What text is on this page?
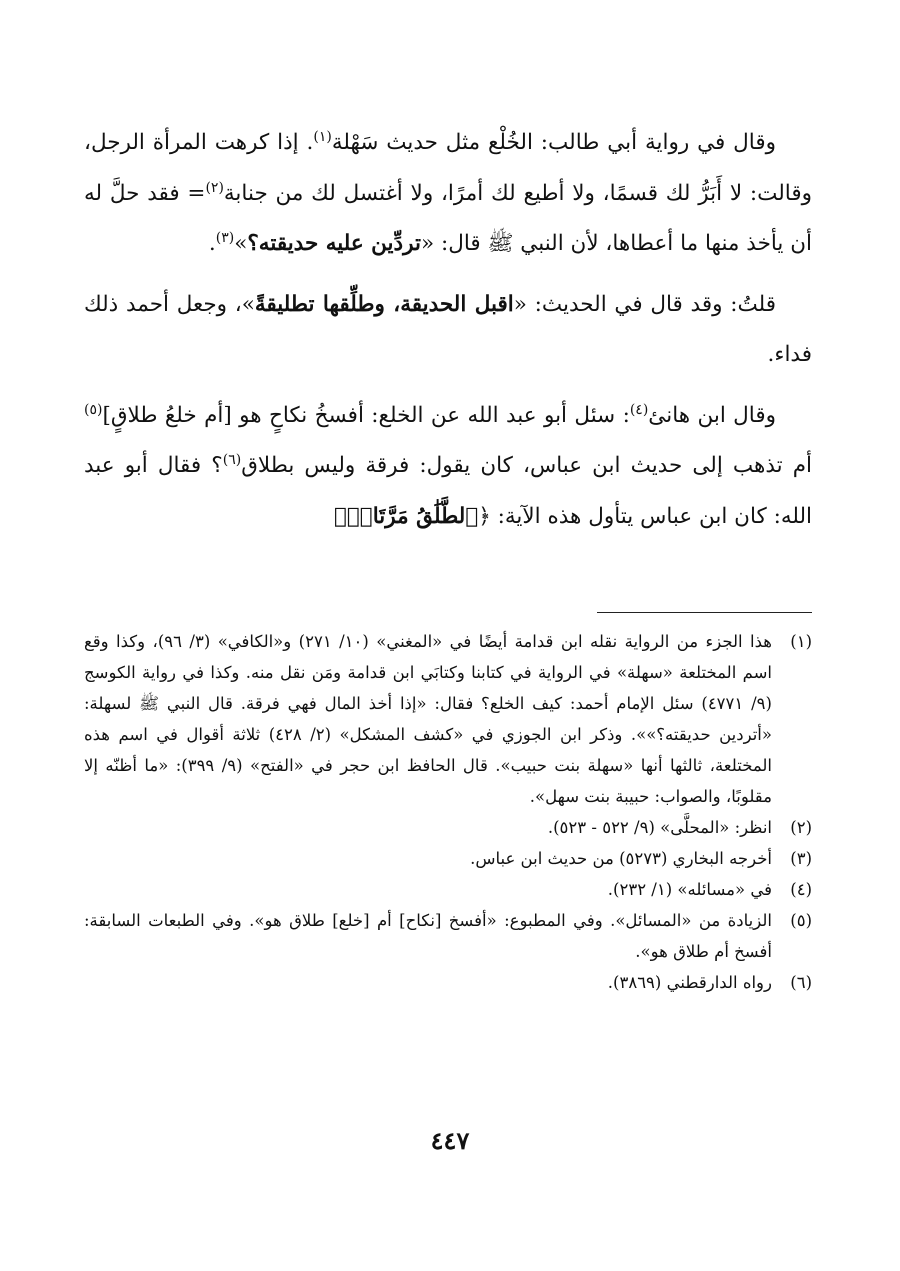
وقال في رواية أبي طالب: الخُلْع مثل حديث سَهْلة$^{(١)}$. إذا كرهت المرأة الرجل، وقالت: لا أَبَرُّ لك قسمًا، ولا أطيع لك أمرًا، ولا أغتسل لك من جنابة$^{(٢)}$= فقد حلَّ له أن يأخذ منها ما أعطاها، لأن النبي ﷺ قال: «تردِّين عليه حديقته؟»$^{(٣)}$.

قلتُ: وقد قال في الحديث: «اقبل الحديقة، وطلِّقها تطليقةً»، وجعل أحمد ذلك فداء.

وقال ابن هانئ$^{(٤)}$: سئل أبو عبد الله عن الخلع: أفسخُ نكاحٍ هو [أم خلعُ طلاقٍ]$^{(٥)}$ أم تذهب إلى حديث ابن عباس، كان يقول: فرقة وليس بطلاق$^{(٦)}$؟ فقال أبو عبد الله: كان ابن عباس يتأول هذه الآية: ﴿ٱلطَّلَٰقُ مَرَّتَانِۖ

(١)
هذا الجزء من الرواية نقله ابن قدامة أيضًا في «المغني» (١٠/ ٢٧١) و«الكافي» (٣/ ٩٦)، وكذا وقع اسم المختلعة «سهلة» في الرواية في كتابنا وكتابَي ابن قدامة ومَن نقل منه. وكذا في رواية الكوسج (٩/ ٤٧٧١) سئل الإمام أحمد: كيف الخلع؟ فقال: «إذا أخذ المال فهي فرقة. قال النبي ﷺ لسهلة: «أتردين حديقته؟»». وذكر ابن الجوزي في «كشف المشكل» (٢/ ٤٢٨) ثلاثة أقوال في اسم هذه المختلعة، ثالثها أنها «سهلة بنت حبيب». قال الحافظ ابن حجر في «الفتح» (٩/ ٣٩٩): «ما أظنّه إلا مقلوبًا، والصواب: حبيبة بنت سهل».
(٢)
انظر: «المحلَّى» (٩/ ٥٢٢ - ٥٢٣).
(٣)
أخرجه البخاري (٥٢٧٣) من حديث ابن عباس.
(٤)
في «مسائله» (١/ ٢٣٢).
(٥)
الزيادة من «المسائل». وفي المطبوع: «أفسخ [نكاح] أم [خلع] طلاق هو». وفي الطبعات السابقة: أفسخ أم طلاق هو».
(٦)
رواه الدارقطني (٣٨٦٩).
٤٤٧
